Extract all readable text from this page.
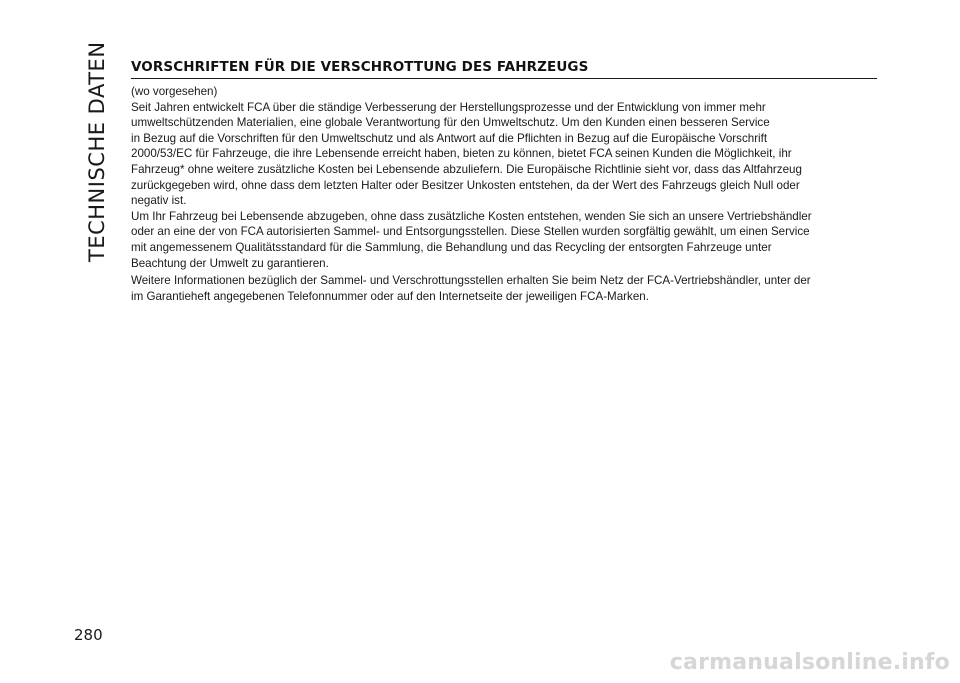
TECHNISCHE DATEN VORSCHRIFTEN FÜR DIE VERSCHROTTUNG DES FAHRZEUGS

(wo vorgesehen)
Seit Jahren entwickelt FCA über die ständige Verbesserung der Herstellungsprozesse und der Entwicklung von immer mehr
umweltschützenden Materialien, eine globale Verantwortung für den Umweltschutz. Um den Kunden einen besseren Service
in Bezug auf die Vorschriften für den Umweltschutz und als Antwort auf die Pflichten in Bezug auf die Europäische Vorschrift
2000/53/EC für Fahrzeuge, die ihre Lebensende erreicht haben, bieten zu können, bietet FCA seinen Kunden die Möglichkeit, ihr
Fahrzeug* ohne weitere zusätzliche Kosten bei Lebensende abzuliefern. Die Europäische Richtlinie sieht vor, dass das Altfahrzeug
zurückgegeben wird, ohne dass dem letzten Halter oder Besitzer Unkosten entstehen, da der Wert des Fahrzeugs gleich Null oder
negativ ist.

Um Ihr Fahrzeug bei Lebensende abzugeben, ohne dass zusätzliche Kosten entstehen, wenden Sie sich an unsere Vertriebshändler
oder an eine der von FCA autorisierten Sammel- und Entsorgungsstellen. Diese Stellen wurden sorgfältig gewählt, um einen Service
mit angemessenem Qualitätsstandard für die Sammlung, die Behandlung und das Recycling der entsorgten Fahrzeuge unter
Beachtung der Umwelt zu garantieren.

Weitere Informationen bezüglich der Sammel- und Verschrottungsstellen erhalten Sie beim Netz der FCA-Vertriebshändler, unter der
im Garantieheft angegebenen Telefonnummer oder auf den Internetseite der jeweiligen FCA-Marken.

280
carmanualsonline.info
